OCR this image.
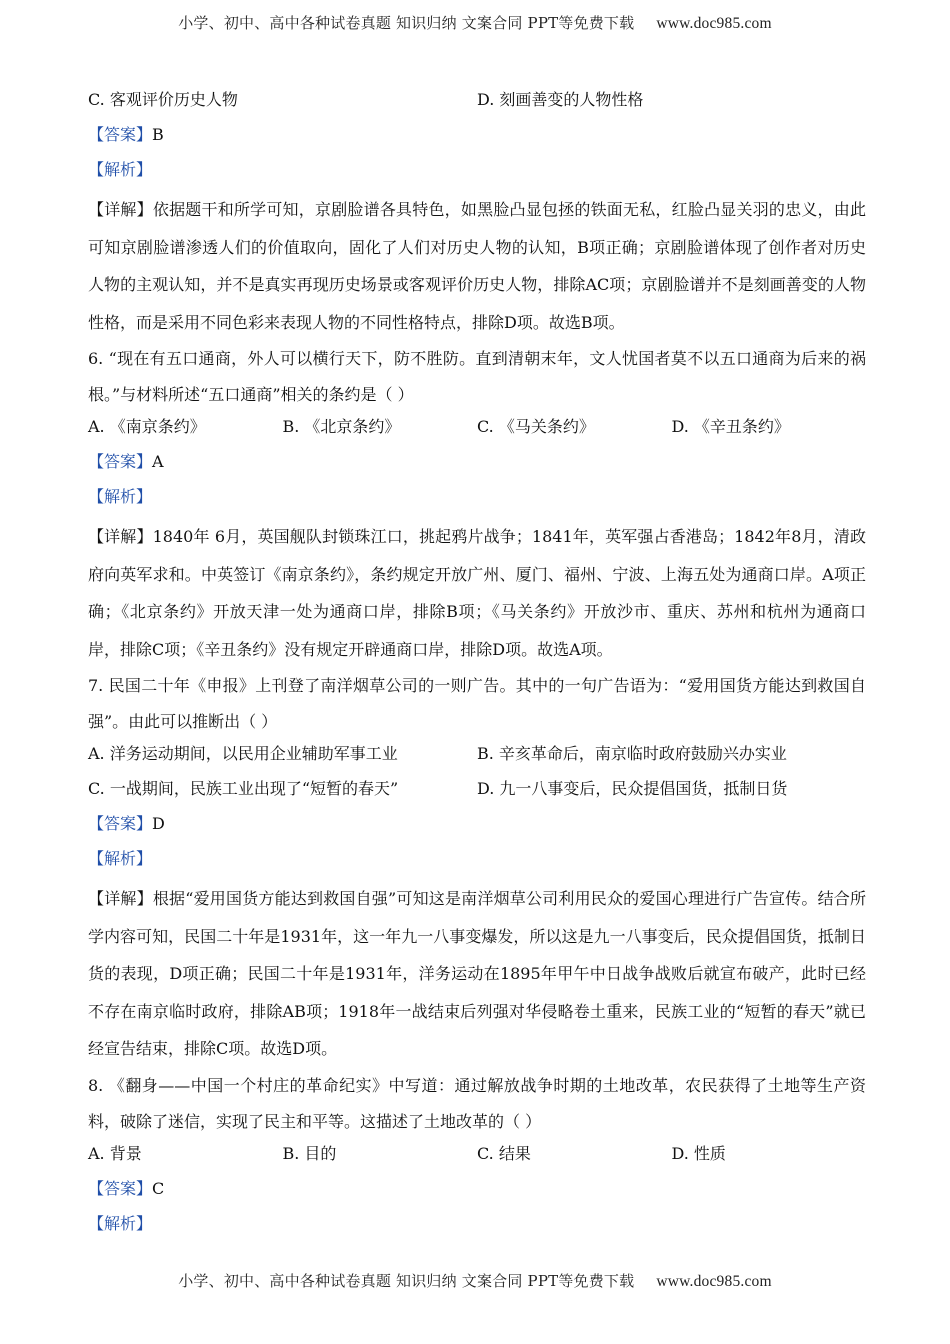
小学、初中、高中各种试卷真题 知识归纳 文案合同 PPT等免费下载 www.doc985.com
C. 客观评价历史人物	D. 刻画善变的人物性格
【答案】B
【解析】
【详解】依据题干和所学可知，京剧脸谱各具特色，如黑脸凸显包拯的铁面无私，红脸凸显关羽的忠义，由此可知京剧脸谱渗透人们的价值取向，固化了人们对历史人物的认知，B项正确；京剧脸谱体现了创作者对历史人物的主观认知，并不是真实再现历史场景或客观评价历史人物，排除AC项；京剧脸谱并不是刻画善变的人物性格，而是采用不同色彩来表现人物的不同性格特点，排除D项。故选B项。
6. “现在有五口通商，外人可以横行天下，防不胜防。直到清朝末年，文人忧国者莫不以五口通商为后来的祸根。”与材料所述“五口通商”相关的条约是（ ）
A. 《南京条约》	B. 《北京条约》	C. 《马关条约》	D. 《辛丑条约》
【答案】A
【解析】
【详解】1840年 6月，英国舰队封锁珠江口，挑起鸦片战争；1841年，英军强占香港岛；1842年8月，清政府向英军求和。中英签订《南京条约》，条约规定开放广州、厦门、福州、宁波、上海五处为通商口岸。A项正确；《北京条约》开放天津一处为通商口岸，排除B项；《马关条约》开放沙市、重庆、苏州和杭州为通商口岸，排除C项；《辛丑条约》没有规定开辟通商口岸，排除D项。故选A项。
7. 民国二十年《申报》上刊登了南洋烟草公司的一则广告。其中的一句广告语为：“爱用国货方能达到救国自强”。由此可以推断出（ ）
A. 洋务运动期间，以民用企业辅助军事工业	B. 辛亥革命后，南京临时政府鼓励兴办实业
C. 一战期间，民族工业出现了“短暂的春天”	D. 九一八事变后，民众提倡国货，抵制日货
【答案】D
【解析】
【详解】根据“爱用国货方能达到救国自强”可知这是南洋烟草公司利用民众的爱国心理进行广告宣传。结合所学内容可知，民国二十年是1931年，这一年九一八事变爆发，所以这是九一八事变后，民众提倡国货，抵制日货的表现，D项正确；民国二十年是1931年，洋务运动在1895年甲午中日战争战败后就宣布破产，此时已经不存在南京临时政府，排除AB项；1918年一战结束后列强对华侵略卷土重来，民族工业的“短暂的春天”就已经宣告结束，排除C项。故选D项。
8. 《翻身——中国一个村庄的革命纪实》中写道：通过解放战争时期的土地改革，农民获得了土地等生产资料，破除了迷信，实现了民主和平等。这描述了土地改革的（ ）
A. 背景	B. 目的	C. 结果	D. 性质
【答案】C
【解析】
小学、初中、高中各种试卷真题 知识归纳 文案合同 PPT等免费下载 www.doc985.com
